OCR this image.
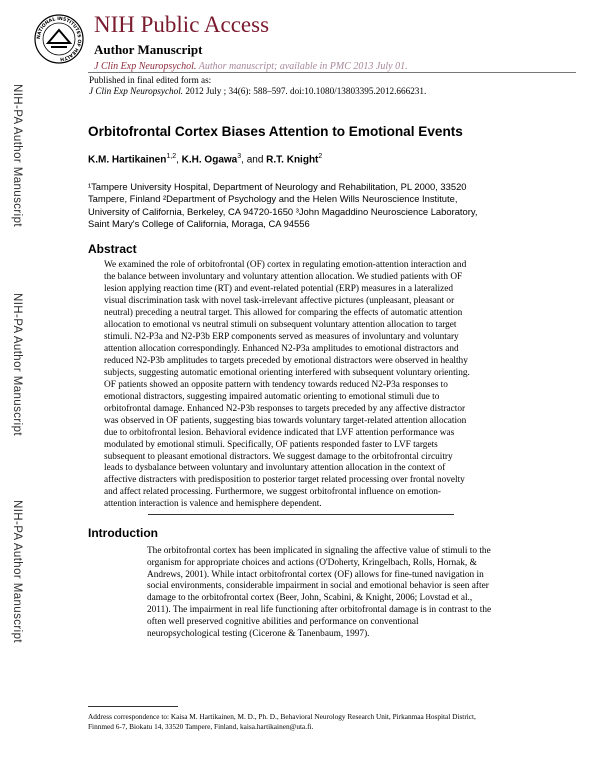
NATIONAL INSTITUTES OF HEALTH
NIH Public Access
Author Manuscript
J Clin Exp Neuropsychol. Author manuscript; available in PMC 2013 July 01.
NIH-PA Author Manuscript
NIH-PA Author Manuscript
NIH-PA Author Manuscript
Published in final edited form as:
J Clin Exp Neuropsychol. 2012 July ; 34(6): 588–597. doi:10.1080/13803395.2012.666231.
Orbitofrontal Cortex Biases Attention to Emotional Events
K.M. Hartikainen$^{1,2}$, K.H. Ogawa$^3$, and R.T. Knight$^2$
¹Tampere University Hospital, Department of Neurology and Rehabilitation, PL 2000, 33520
Tampere, Finland ²Department of Psychology and the Helen Wills Neuroscience Institute,
University of California, Berkeley, CA 94720-1650 ³John Magaddino Neuroscience Laboratory,
Saint Mary's College of California, Moraga, CA 94556
Abstract
We examined the role of orbitofrontal (OF) cortex in regulating emotion-attention interaction and
the balance between involuntary and voluntary attention allocation. We studied patients with OF
lesion applying reaction time (RT) and event-related potential (ERP) measures in a lateralized
visual discrimination task with novel task-irrelevant affective pictures (unpleasant, pleasant or
neutral) preceding a neutral target. This allowed for comparing the effects of automatic attention
allocation to emotional vs neutral stimuli on subsequent voluntary attention allocation to target
stimuli. N2-P3a and N2-P3b ERP components served as measures of involuntary and voluntary
attention allocation correspondingly. Enhanced N2-P3a amplitudes to emotional distractors and
reduced N2-P3b amplitudes to targets preceded by emotional distractors were observed in healthy
subjects, suggesting automatic emotional orienting interfered with subsequent voluntary orienting.
OF patients showed an opposite pattern with tendency towards reduced N2-P3a responses to
emotional distractors, suggesting impaired automatic orienting to emotional stimuli due to
orbitofrontal damage. Enhanced N2-P3b responses to targets preceded by any affective distractor
was observed in OF patients, suggesting bias towards voluntary target-related attention allocation
due to orbitofrontal lesion. Behavioral evidence indicated that LVF attention performance was
modulated by emotional stimuli. Specifically, OF patients responded faster to LVF targets
subsequent to pleasant emotional distractors. We suggest damage to the orbitofrontal circuitry
leads to dysbalance between voluntary and involuntary attention allocation in the context of
affective distracters with predisposition to posterior target related processing over frontal novelty
and affect related processing. Furthermore, we suggest orbitofrontal influence on emotion-
attention interaction is valence and hemisphere dependent.
Introduction
The orbitofrontal cortex has been implicated in signaling the affective value of stimuli to the
organism for appropriate choices and actions (O'Doherty, Kringelbach, Rolls, Hornak, &
Andrews, 2001). While intact orbitofrontal cortex (OF) allows for fine-tuned navigation in
social environments, considerable impairment in social and emotional behavior is seen after
damage to the orbitofrontal cortex (Beer, John, Scabini, & Knight, 2006; Lovstad et al.,
2011). The impairment in real life functioning after orbitofrontal damage is in contrast to the
often well preserved cognitive abilities and performance on conventional
neuropsychological testing (Cicerone & Tanenbaum, 1997).
Address correspondence to: Kaisa M. Hartikainen, M. D., Ph. D., Behavioral Neurology Research Unit, Pirkanmaa Hospital District,
Finnmed 6-7, Biokatu 14, 33520 Tampere, Finland, kaisa.hartikainen@uta.fi.
